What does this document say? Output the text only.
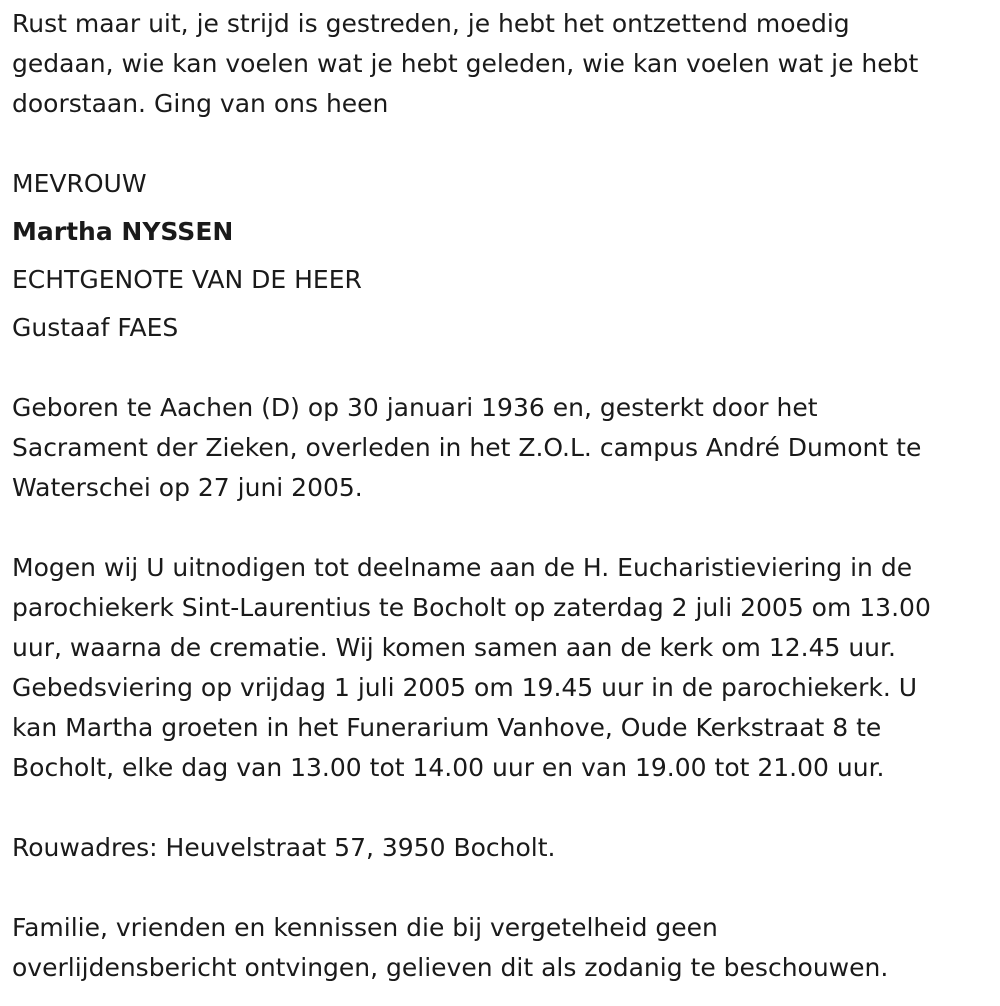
Rust maar uit, je strijd is gestreden, je hebt het ontzettend moedig

gedaan, wie kan voelen wat je hebt geleden, wie kan voelen wat je hebt

doorstaan. Ging van ons heen

MEVROUW

Martha NYSSEN

ECHTGENOTE VAN DE HEER

Gustaaf FAES

Geboren te Aachen (D) op 30 januari 1936 en, gesterkt door het

Sacrament der Zieken, overleden in het Z.O.L. campus André Dumont te

Waterschei op 27 juni 2005.

Mogen wij U uitnodigen tot deelname aan de H. Eucharistieviering in de

parochiekerk Sint-Laurentius te Bocholt op zaterdag 2 juli 2005 om 13.00

uur, waarna de crematie. Wij komen samen aan de kerk om 12.45 uur.

Gebedsviering op vrijdag 1 juli 2005 om 19.45 uur in de parochiekerk. U

kan Martha groeten in het Funerarium Vanhove, Oude Kerkstraat 8 te

Bocholt, elke dag van 13.00 tot 14.00 uur en van 19.00 tot 21.00 uur.

Rouwadres: Heuvelstraat 57, 3950 Bocholt.

Familie, vrienden en kennissen die bij vergetelheid geen

overlijdensbericht ontvingen, gelieven dit als zodanig te beschouwen.
